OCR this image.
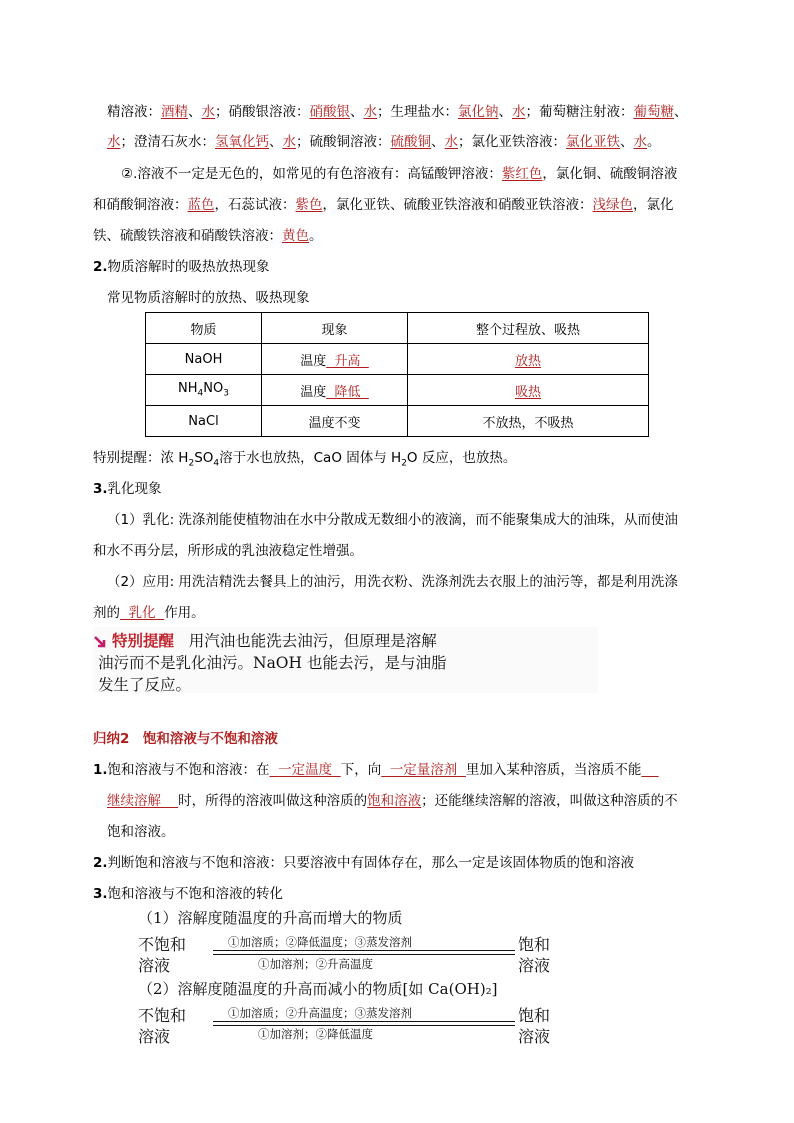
精溶液：酒精、水；硝酸银溶液：硝酸银、水；生理盐水：氯化钠、水；葡萄糖注射液：葡萄糖、
水；澄清石灰水：氢氧化钙、水；硫酸铜溶液：硫酸铜、水；氯化亚铁溶液：氯化亚铁、水。
②.溶液不一定是无色的，如常见的有色溶液有：高锰酸钾溶液：紫红色，氯化铜、硫酸铜溶液
和硝酸铜溶液：蓝色，石蕊试液：紫色，氯化亚铁、硫酸亚铁溶液和硝酸亚铁溶液：浅绿色，氯化
铁、硫酸铁溶液和硝酸铁溶液：黄色。
2.物质溶解时的吸热放热现象
常见物质溶解时的放热、吸热现象
物质	现象	整个过程放、吸热
NaOH	温度 升高	放热
$NH_4NO_3$	温度 降低	吸热
NaCl	温度不变	不放热，不吸热
特别提醒：浓 $H_2SO_4$溶于水也放热，CaO 固体与 $H_2O$ 反应，也放热。
3.乳化现象
（1）乳化: 洗涤剂能使植物油在水中分散成无数细小的液滴，而不能聚集成大的油珠，从而使油
和水不再分层，所形成的乳浊液稳定性增强。
（2）应用: 用洗洁精洗去餐具上的油污，用洗衣粉、洗涤剂洗去衣服上的油污等，都是利用洗涤
剂的 乳化 作用。
特别提醒 用汽油也能洗去油污，但原理是溶解
油污而不是乳化油污。NaOH 也能去污，是与油脂
发生了反应。
归纳2　饱和溶液与不饱和溶液
1.饱和溶液与不饱和溶液：在 一定温度 下，向 一定量溶剂 里加入某种溶质，当溶质不能
继续溶解 时，所得的溶液叫做这种溶质的饱和溶液；还能继续溶解的溶液，叫做这种溶质的不
饱和溶液。
2.判断饱和溶液与不饱和溶液：只要溶液中有固体存在，那么一定是该固体物质的饱和溶液
3.饱和溶液与不饱和溶液的转化
（1）溶解度随温度的升高而增大的物质
不饱和
溶液
①加溶质；②降低温度；③蒸发溶剂
①加溶剂；②升高温度
饱和
溶液
（2）溶解度随温度的升高而减小的物质[如 Ca(OH)₂]
不饱和
溶液
①加溶质；②升高温度；③蒸发溶剂
①加溶剂；②降低温度
饱和
溶液
